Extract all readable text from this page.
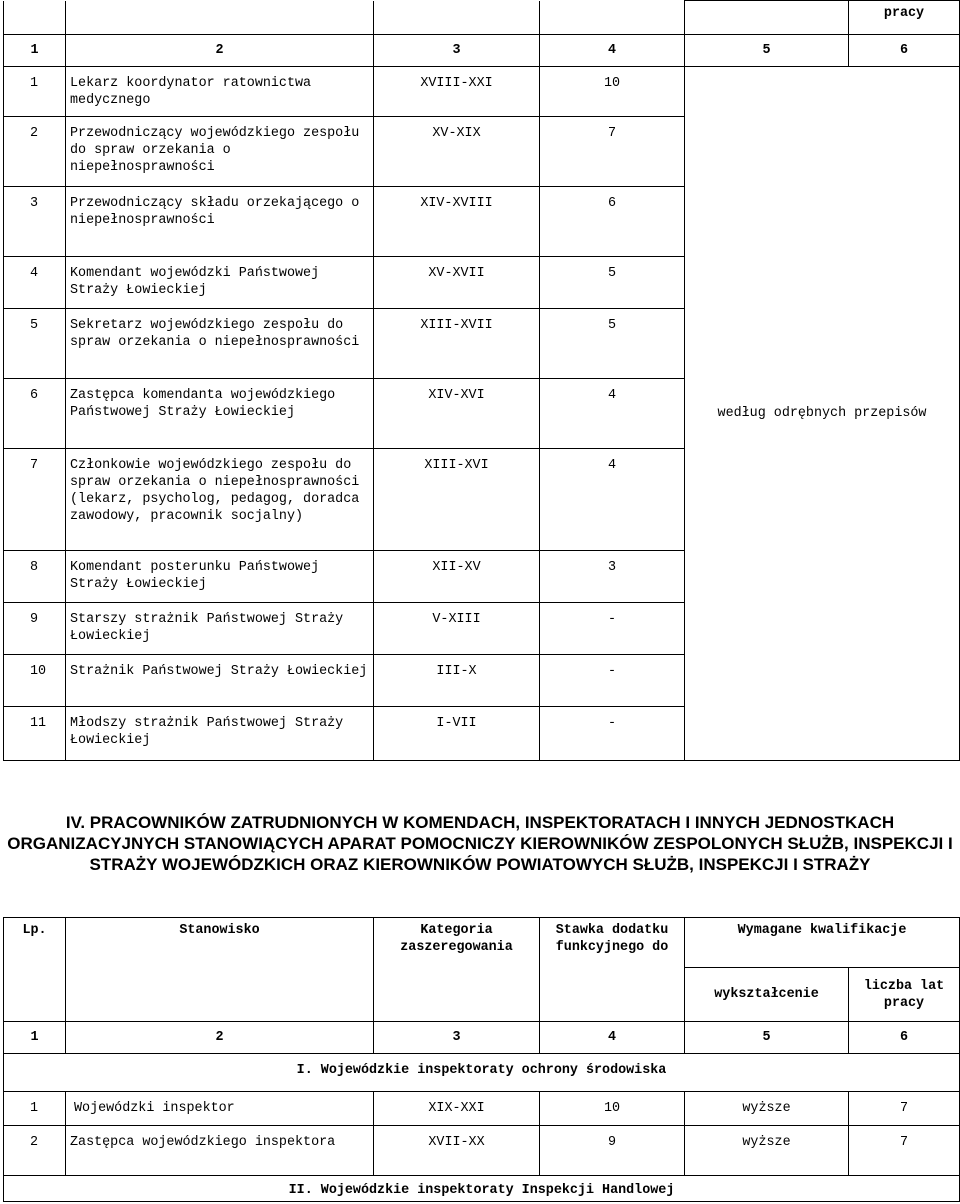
					pracy
1	2	3	4	5	6
1	Lekarz koordynator ratownictwa medycznego	XVIII-XXI	10	według odrębnych przepisów	
2	Przewodniczący wojewódzkiego zespołu do spraw orzekania o niepełnosprawności	XV-XIX	7		
3	Przewodniczący składu orzekającego o niepełnosprawności	XIV-XVIII	6		
4	Komendant wojewódzki Państwowej Straży Łowieckiej	XV-XVII	5		
5	Sekretarz wojewódzkiego zespołu do spraw orzekania o niepełnosprawności	XIII-XVII	5		
6	Zastępca komendanta wojewódzkiego Państwowej Straży Łowieckiej	XIV-XVI	4		
7	Członkowie wojewódzkiego zespołu do spraw orzekania o niepełnosprawności (lekarz, psycholog, pedagog, doradca zawodowy, pracownik socjalny)	XIII-XVI	4		
8	Komendant posterunku Państwowej Straży Łowieckiej	XII-XV	3		
9	Starszy strażnik Państwowej Straży Łowieckiej	V-XIII	-		
10	Strażnik Państwowej Straży Łowieckiej	III-X	-		
11	Młodszy strażnik Państwowej Straży Łowieckiej	I-VII	-		
IV. PRACOWNIKÓW ZATRUDNIONYCH W KOMENDACH, INSPEKTORATACH I INNYCH JEDNOSTKACH ORGANIZACYJNYCH STANOWIĄCYCH APARAT POMOCNICZY KIEROWNIKÓW ZESPOLONYCH SŁUŻB, INSPEKCJI I STRAŻY WOJEWÓDZKICH ORAZ KIEROWNIKÓW POWIATOWYCH SŁUŻB, INSPEKCJI I STRAŻY
Lp.	Stanowisko	Kategoria zaszeregowania	Stawka dodatku funkcyjnego do	Wymagane kwalifikacje	
				wykształcenie	liczba lat pracy
1	2	3	4	5	6
I. Wojewódzkie inspektoraty ochrony środowiska					
1	Wojewódzki inspektor	XIX-XXI	10	wyższe	7
2	Zastępca wojewódzkiego inspektora	XVII-XX	9	wyższe	7
II. Wojewódzkie inspektoraty Inspekcji Handlowej					
